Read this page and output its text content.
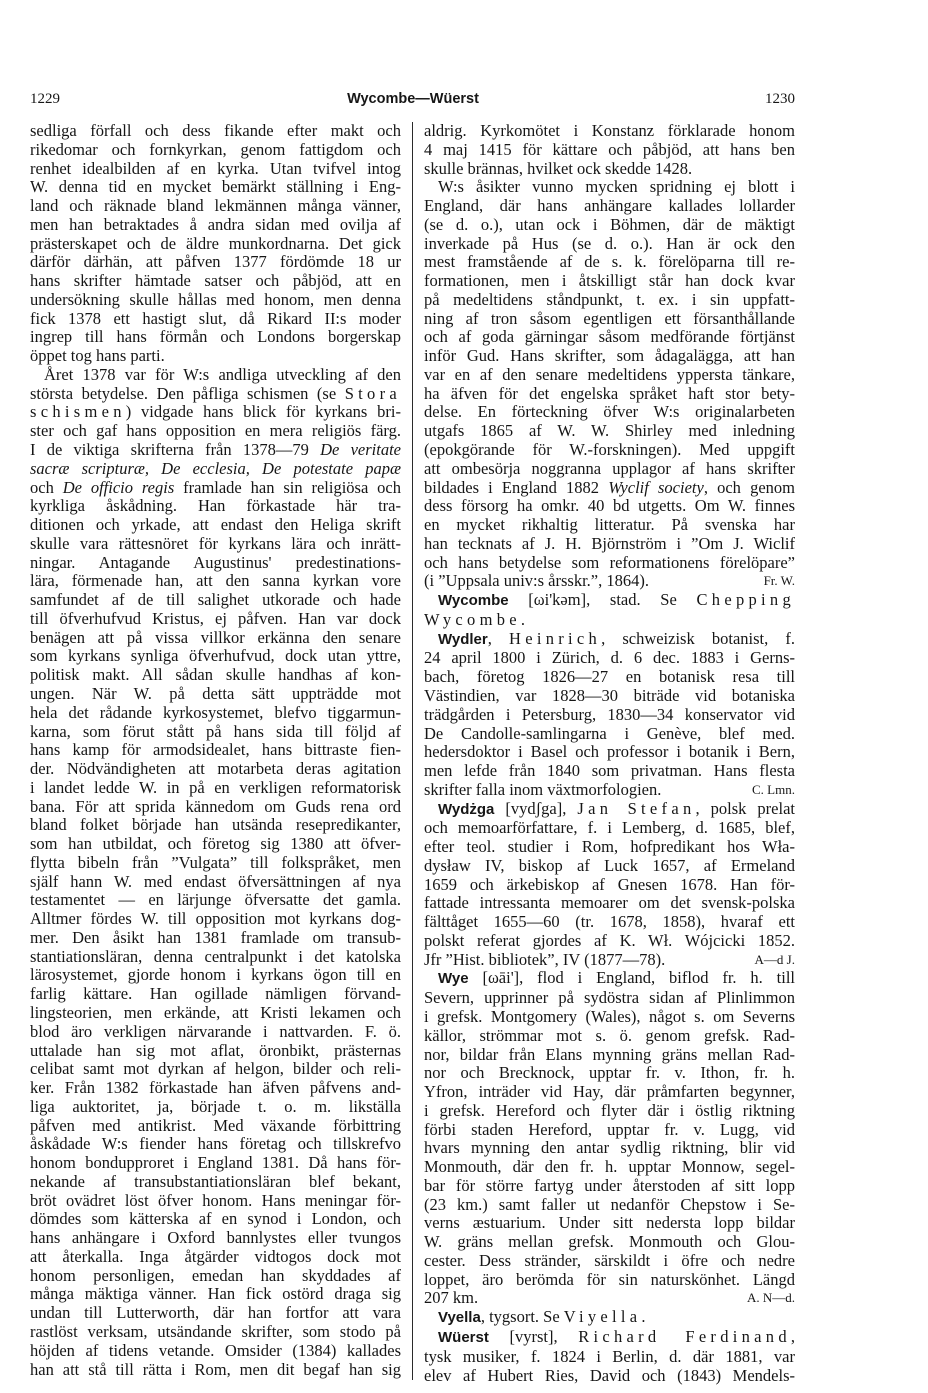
1229	Wycombe—Wüerst	1230
sedliga förfall och dess fikande efter makt och
rikedomar och fornkyrkan, genom fattigdom och
renhet idealbilden af en kyrka. Utan tvifvel intog
W. denna tid en mycket bemärkt ställning i Eng-
land och räknade bland lekmännen många vänner,
men han betraktades å andra sidan med ovilja af
prästerskapet och de äldre munkordnarna. Det gick
därför därhän, att påfven 1377 fördömde 18 ur
hans skrifter hämtade satser och påbjöd, att en
undersökning skulle hållas med honom, men denna
fick 1378 ett hastigt slut, då Rikard II:s moder
ingrep till hans förmån och Londons borgerskap
öppet tog hans parti.
Året 1378 var för W:s andliga utveckling af den
största betydelse. Den påfliga schismen (se Stora
schismen) vidgade hans blick för kyrkans bri-
ster och gaf hans opposition en mera religiös färg.
I de viktiga skrifterna från 1378—79 De veritate
sacræ scripturæ, De ecclesia, De potestate papæ
och De officio regis framlade han sin religiösa och
kyrkliga åskådning. Han förkastade här tra-
ditionen och yrkade, att endast den Heliga skrift
skulle vara rättesnöret för kyrkans lära och inrätt-
ningar. Antagande Augustinus' predestinations-
lära, förmenade han, att den sanna kyrkan vore
samfundet af de till salighet utkorade och hade
till öfverhufvud Kristus, ej påfven. Han var dock
benägen att på vissa villkor erkänna den senare
som kyrkans synliga öfverhufvud, dock utan yttre,
politisk makt. All sådan skulle handhas af kon-
ungen. När W. på detta sätt uppträdde mot
hela det rådande kyrkosystemet, blefvo tiggarmun-
karna, som förut stått på hans sida till följd af
hans kamp för armodsidealet, hans bittraste fien-
der. Nödvändigheten att motarbeta deras agitation
i landet ledde W. in på en verkligen reformatorisk
bana. För att sprida kännedom om Guds rena ord
bland folket började han utsända resepredikanter,
som han utbildat, och företog sig 1380 att öfver-
flytta bibeln från ”Vulgata” till folkspråket, men
själf hann W. med endast öfversättningen af nya
testamentet — en lärjunge öfversatte det gamla.
Alltmer fördes W. till opposition mot kyrkans dog-
mer. Den åsikt han 1381 framlade om transub-
stantiationsläran, denna centralpunkt i det katolska
lärosystemet, gjorde honom i kyrkans ögon till en
farlig kättare. Han ogillade nämligen förvand-
lingsteorien, men erkände, att Kristi lekamen och
blod äro verkligen närvarande i nattvarden. F. ö.
uttalade han sig mot aflat, öronbikt, prästernas
celibat samt mot dyrkan af helgon, bilder och reli-
ker. Från 1382 förkastade han äfven påfvens and-
liga auktoritet, ja, började t. o. m. likställa
påfven med antikrist. Med växande förbittring
åskådade W:s fiender hans företag och tillskrefvo
honom bondupproret i England 1381. Då hans för-
nekande af transubstantiationsläran blef bekant,
bröt ovädret löst öfver honom. Hans meningar för-
dömdes som kätterska af en synod i London, och
hans anhängare i Oxford bannlystes eller tvungos
att återkalla. Inga åtgärder vidtogos dock mot
honom personligen, emedan han skyddades af
många mäktiga vänner. Han fick ostörd draga sig
undan till Lutterworth, där han fortfor att vara
rastlöst verksam, utsändande skrifter, som stodo på
höjden af tidens vetande. Omsider (1384) kallades
han att stå till rätta i Rom, men dit begaf han sig
aldrig. Kyrkomötet i Konstanz förklarade honom
4 maj 1415 för kättare och påbjöd, att hans ben
skulle brännas, hvilket ock skedde 1428.
W:s åsikter vunno mycken spridning ej blott i
England, där hans anhängare kallades lollarder
(se d. o.), utan ock i Böhmen, där de mäktigt
inverkade på Hus (se d. o.). Han är ock den
mest framstående af de s. k. förelöparna till re-
formationen, men i åtskilligt står han dock kvar
på medeltidens ståndpunkt, t. ex. i sin uppfatt-
ning af tron såsom egentligen ett försanthållande
och af goda gärningar såsom medförande förtjänst
inför Gud. Hans skrifter, som ådagalägga, att han
var en af den senare medeltidens yppersta tänkare,
ha äfven för det engelska språket haft stor bety-
delse. En förteckning öfver W:s originalarbeten
utgafs 1865 af W. W. Shirley med inledning
(epokgörande för W.-forskningen). Med uppgift
att ombesörja noggranna upplagor af hans skrifter
bildades i England 1882 Wyclif society, och genom
dess försorg ha omkr. 40 bd utgetts. Om W. finnes
en mycket rikhaltig litteratur. På svenska har
han tecknats af J. H. Björnström i ”Om J. Wiclif
och hans betydelse som reformationens förelöpare”
(i ”Uppsala univ:s årsskr.”, 1864).	Fr. W.
Wycombe [ωi'kəm], stad. Se Chepping
Wycombe.
Wydler, Heinrich, schweizisk botanist, f.
24 april 1800 i Zürich, d. 6 dec. 1883 i Gerns-
bach, företog 1826—27 en botanisk resa till
Västindien, var 1828—30 biträde vid botaniska
trädgården i Petersburg, 1830—34 konservator vid
De Candolle-samlingarna i Genève, blef med.
hedersdoktor i Basel och professor i botanik i Bern,
men lefde från 1840 som privatman. Hans flesta
skrifter falla inom växtmorfologien.	C. Lmn.
Wydżga [vydʃga], Jan Stefan, polsk prelat
och memoarförfattare, f. i Lemberg, d. 1685, blef,
efter teol. studier i Rom, hofpredikant hos Wła-
dysław IV, biskop af Luck 1657, af Ermeland
1659 och ärkebiskop af Gnesen 1678. Han för-
fattade intressanta memoarer om det svensk-polska
fälttåget 1655—60 (tr. 1678, 1858), hvaraf ett
polskt referat gjordes af K. Wł. Wójcicki 1852.
Jfr ”Hist. bibliotek”, IV (1877—78).	A—d J.
Wye [ωāi'], flod i England, biflod fr. h. till
Severn, upprinner på sydöstra sidan af Plinlimmon
i grefsk. Montgomery (Wales), något s. om Severns
källor, strömmar mot s. ö. genom grefsk. Rad-
nor, bildar från Elans mynning gräns mellan Rad-
nor och Brecknock, upptar fr. v. Ithon, fr. h.
Yfron, inträder vid Hay, där pråmfarten begynner,
i grefsk. Hereford och flyter där i östlig riktning
förbi staden Hereford, upptar fr. v. Lugg, vid
hvars mynning den antar sydlig riktning, blir vid
Monmouth, där den fr. h. upptar Monnow, segel-
bar för större fartyg under återstoden af sitt lopp
(23 km.) samt faller ut nedanför Chepstow i Se-
verns æstuarium. Under sitt nedersta lopp bildar
W. gräns mellan grefsk. Monmouth och Glou-
cester. Dess stränder, särskildt i öfre och nedre
loppet, äro berömda för sin naturskönhet. Längd
207 km.	A. N—d.
Vyella, tygsort. Se Viyella.
Wüerst [vyrst], Richard Ferdinand,
tysk musiker, f. 1824 i Berlin, d. där 1881, var
elev af Hubert Ries, David och (1843) Mendels-
